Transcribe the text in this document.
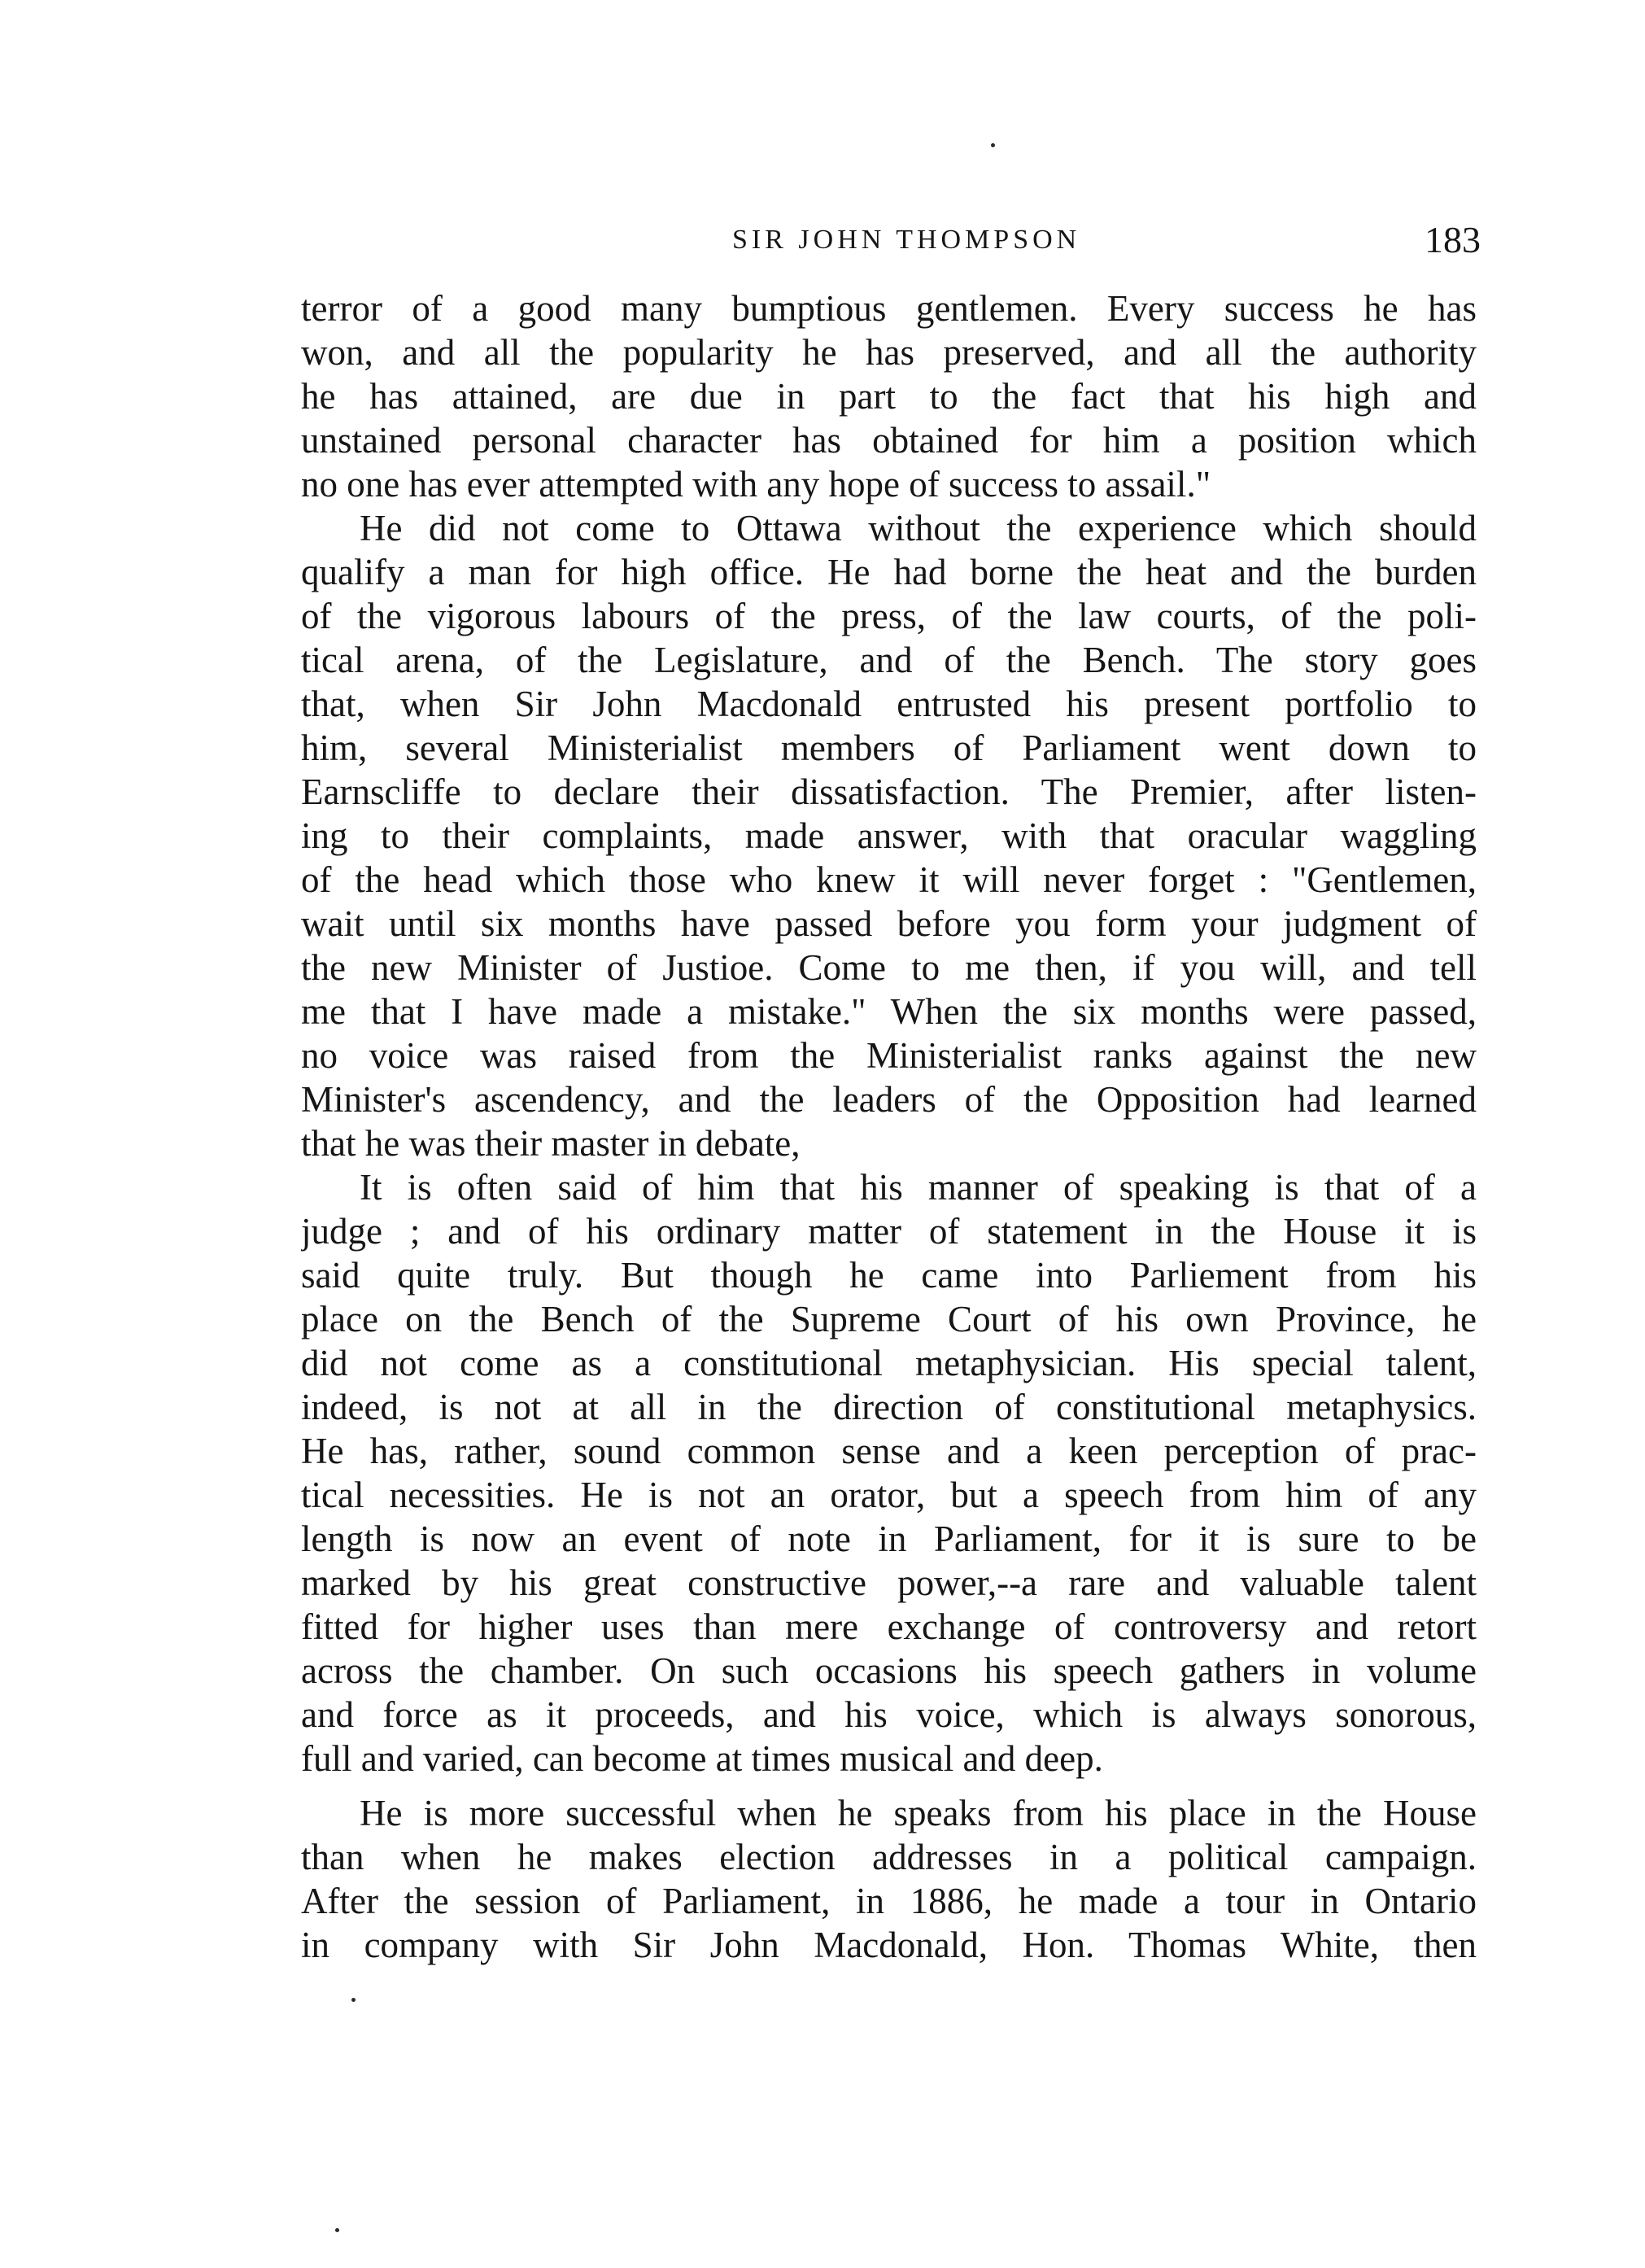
SIR JOHN THOMPSON	183
terror of a good many bumptious gentlemen. Every success he has
won, and all the popularity he has preserved, and all the authority
he has attained, are due in part to the fact that his high and
unstained personal character has obtained for him a position which
no one has ever attempted with any hope of success to assail."
He did not come to Ottawa without the experience which should
qualify a man for high office. He had borne the heat and the burden
of the vigorous labours of the press, of the law courts, of the poli-
tical arena, of the Legislature, and of the Bench. The story goes
that, when Sir John Macdonald entrusted his present portfolio to
him, several Ministerialist members of Parliament went down to
Earnscliffe to declare their dissatisfaction. The Premier, after listen-
ing to their complaints, made answer, with that oracular waggling
of the head which those who knew it will never forget : "Gentlemen,
wait until six months have passed before you form your judgment of
the new Minister of Justioe. Come to me then, if you will, and tell
me that I have made a mistake." When the six months were passed,
no voice was raised from the Ministerialist ranks against the new
Minister's ascendency, and the leaders of the Opposition had learned
that he was their master in debate,
It is often said of him that his manner of speaking is that of a
judge ; and of his ordinary matter of statement in the House it is
said quite truly. But though he came into Parliement from his
place on the Bench of the Supreme Court of his own Province, he
did not come as a constitutional metaphysician. His special talent,
indeed, is not at all in the direction of constitutional metaphysics.
He has, rather, sound common sense and a keen perception of prac-
tical necessities. He is not an orator, but a speech from him of any
length is now an event of note in Parliament, for it is sure to be
marked by his great constructive power,--a rare and valuable talent
fitted for higher uses than mere exchange of controversy and retort
across the chamber. On such occasions his speech gathers in volume
and force as it proceeds, and his voice, which is always sonorous,
full and varied, can become at times musical and deep.
He is more successful when he speaks from his place in the House
than when he makes election addresses in a political campaign.
After the session of Parliament, in 1886, he made a tour in Ontario
in company with Sir John Macdonald, Hon. Thomas White, then
